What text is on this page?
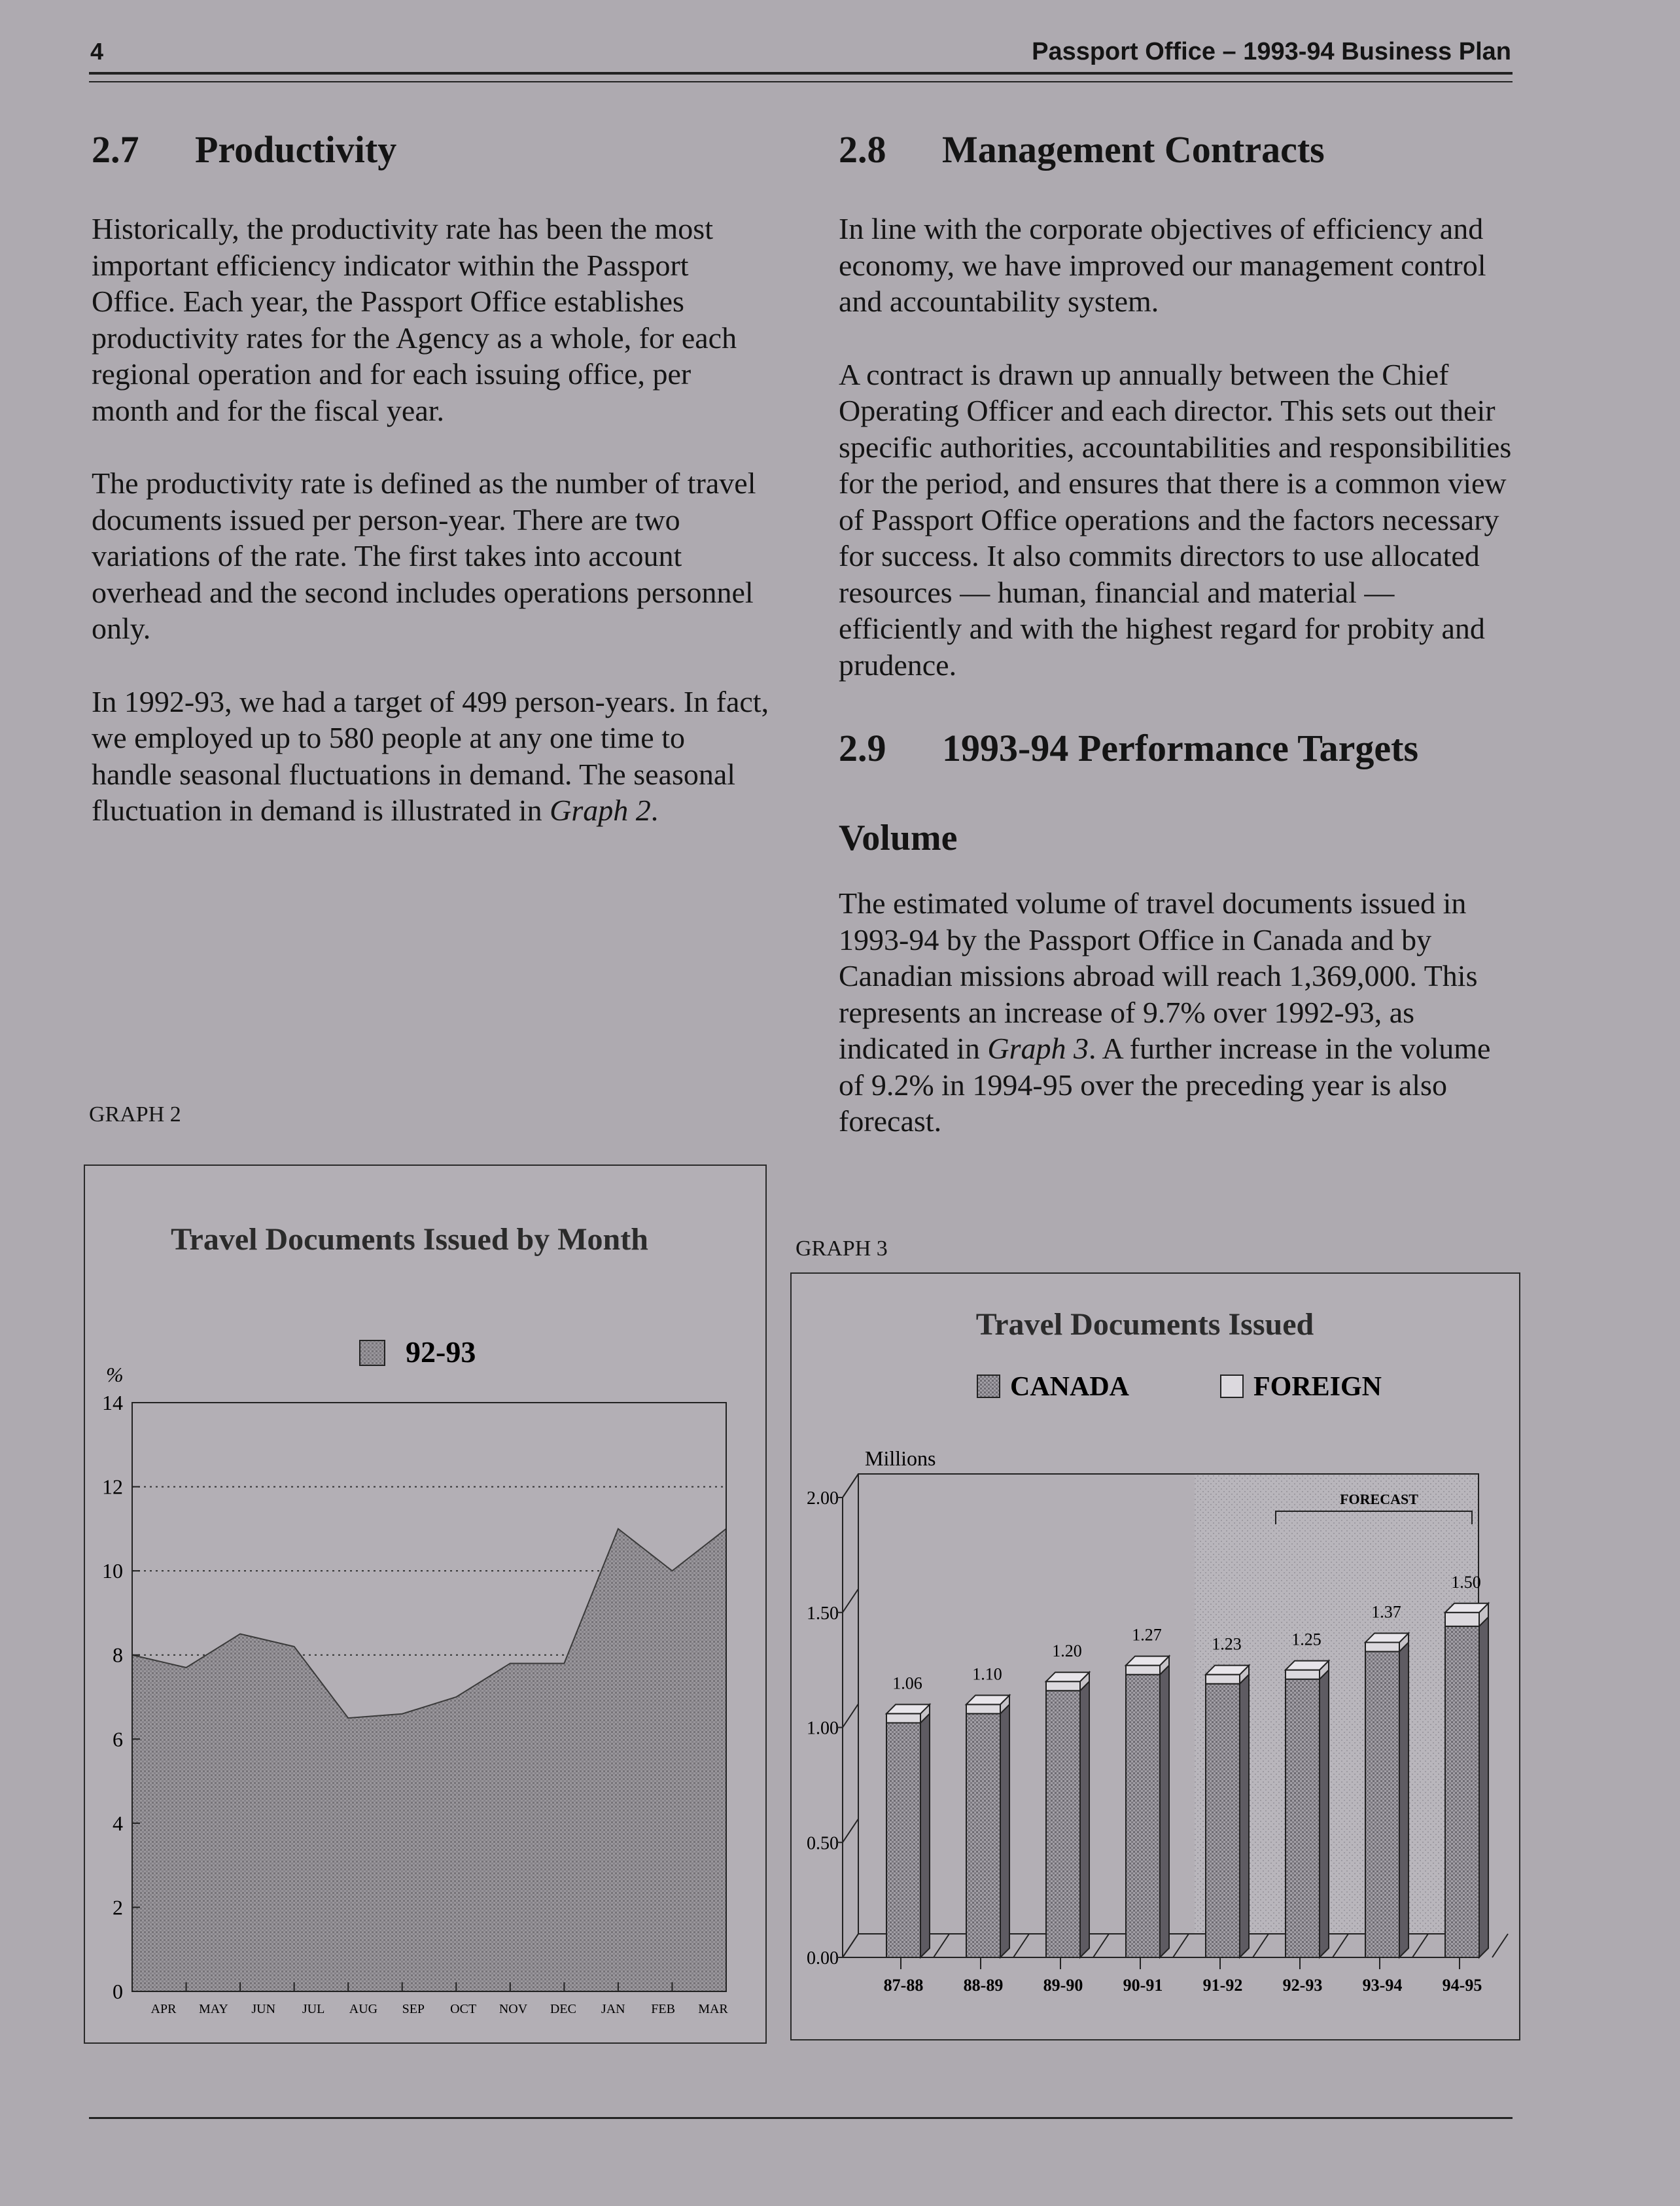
4	Passport Office – 1993-94 Business Plan
2.7 Productivity

Historically, the productivity rate has been the most important efficiency indicator within the Passport Office. Each year, the Passport Office establishes productivity rates for the Agency as a whole, for each regional operation and for each issuing office, per month and for the fiscal year.

The productivity rate is defined as the number of travel documents issued per person-year. There are two variations of the rate. The first takes into account overhead and the second includes operations personnel only.

In 1992-93, we had a target of 499 person-years. In fact, we employed up to 580 people at any one time to handle seasonal fluctuations in demand. The seasonal fluctuation in demand is illustrated in Graph 2.

2.8 Management Contracts

In line with the corporate objectives of efficiency and economy, we have improved our management control and accountability system.

A contract is drawn up annually between the Chief Operating Officer and each director. This sets out their specific authorities, accountabilities and responsibilities for the period, and ensures that there is a common view of Passport Office operations and the factors necessary for success. It also commits directors to use allocated resources — human, financial and material — efficiently and with the highest regard for probity and prudence.

2.9 1993-94 Performance Targets
Volume

The estimated volume of travel documents issued in 1993-94 by the Passport Office in Canada and by Canadian missions abroad will reach 1,369,000. This represents an increase of 9.7% over 1992-93, as indicated in Graph 3. A further increase in the volume of 9.2% in 1994-95 over the preceding year is also forecast.

GRAPH 2
Travel Documents Issued by Month
92-93
%
0
2
4
6
8
10
12
14
APR MAY JUN JUL AUG SEP OCT NOV DEC JAN FEB MAR
GRAPH 3
Travel Documents Issued
CANADA	FOREIGN
Millions
FORECAST
1.06
87-88
1.10
88-89
1.20
89-90
1.27
90-91
1.23
91-92
1.25
92-93
1.37
93-94
1.50
94-95
0.00
0.50
1.00
1.50
2.00
